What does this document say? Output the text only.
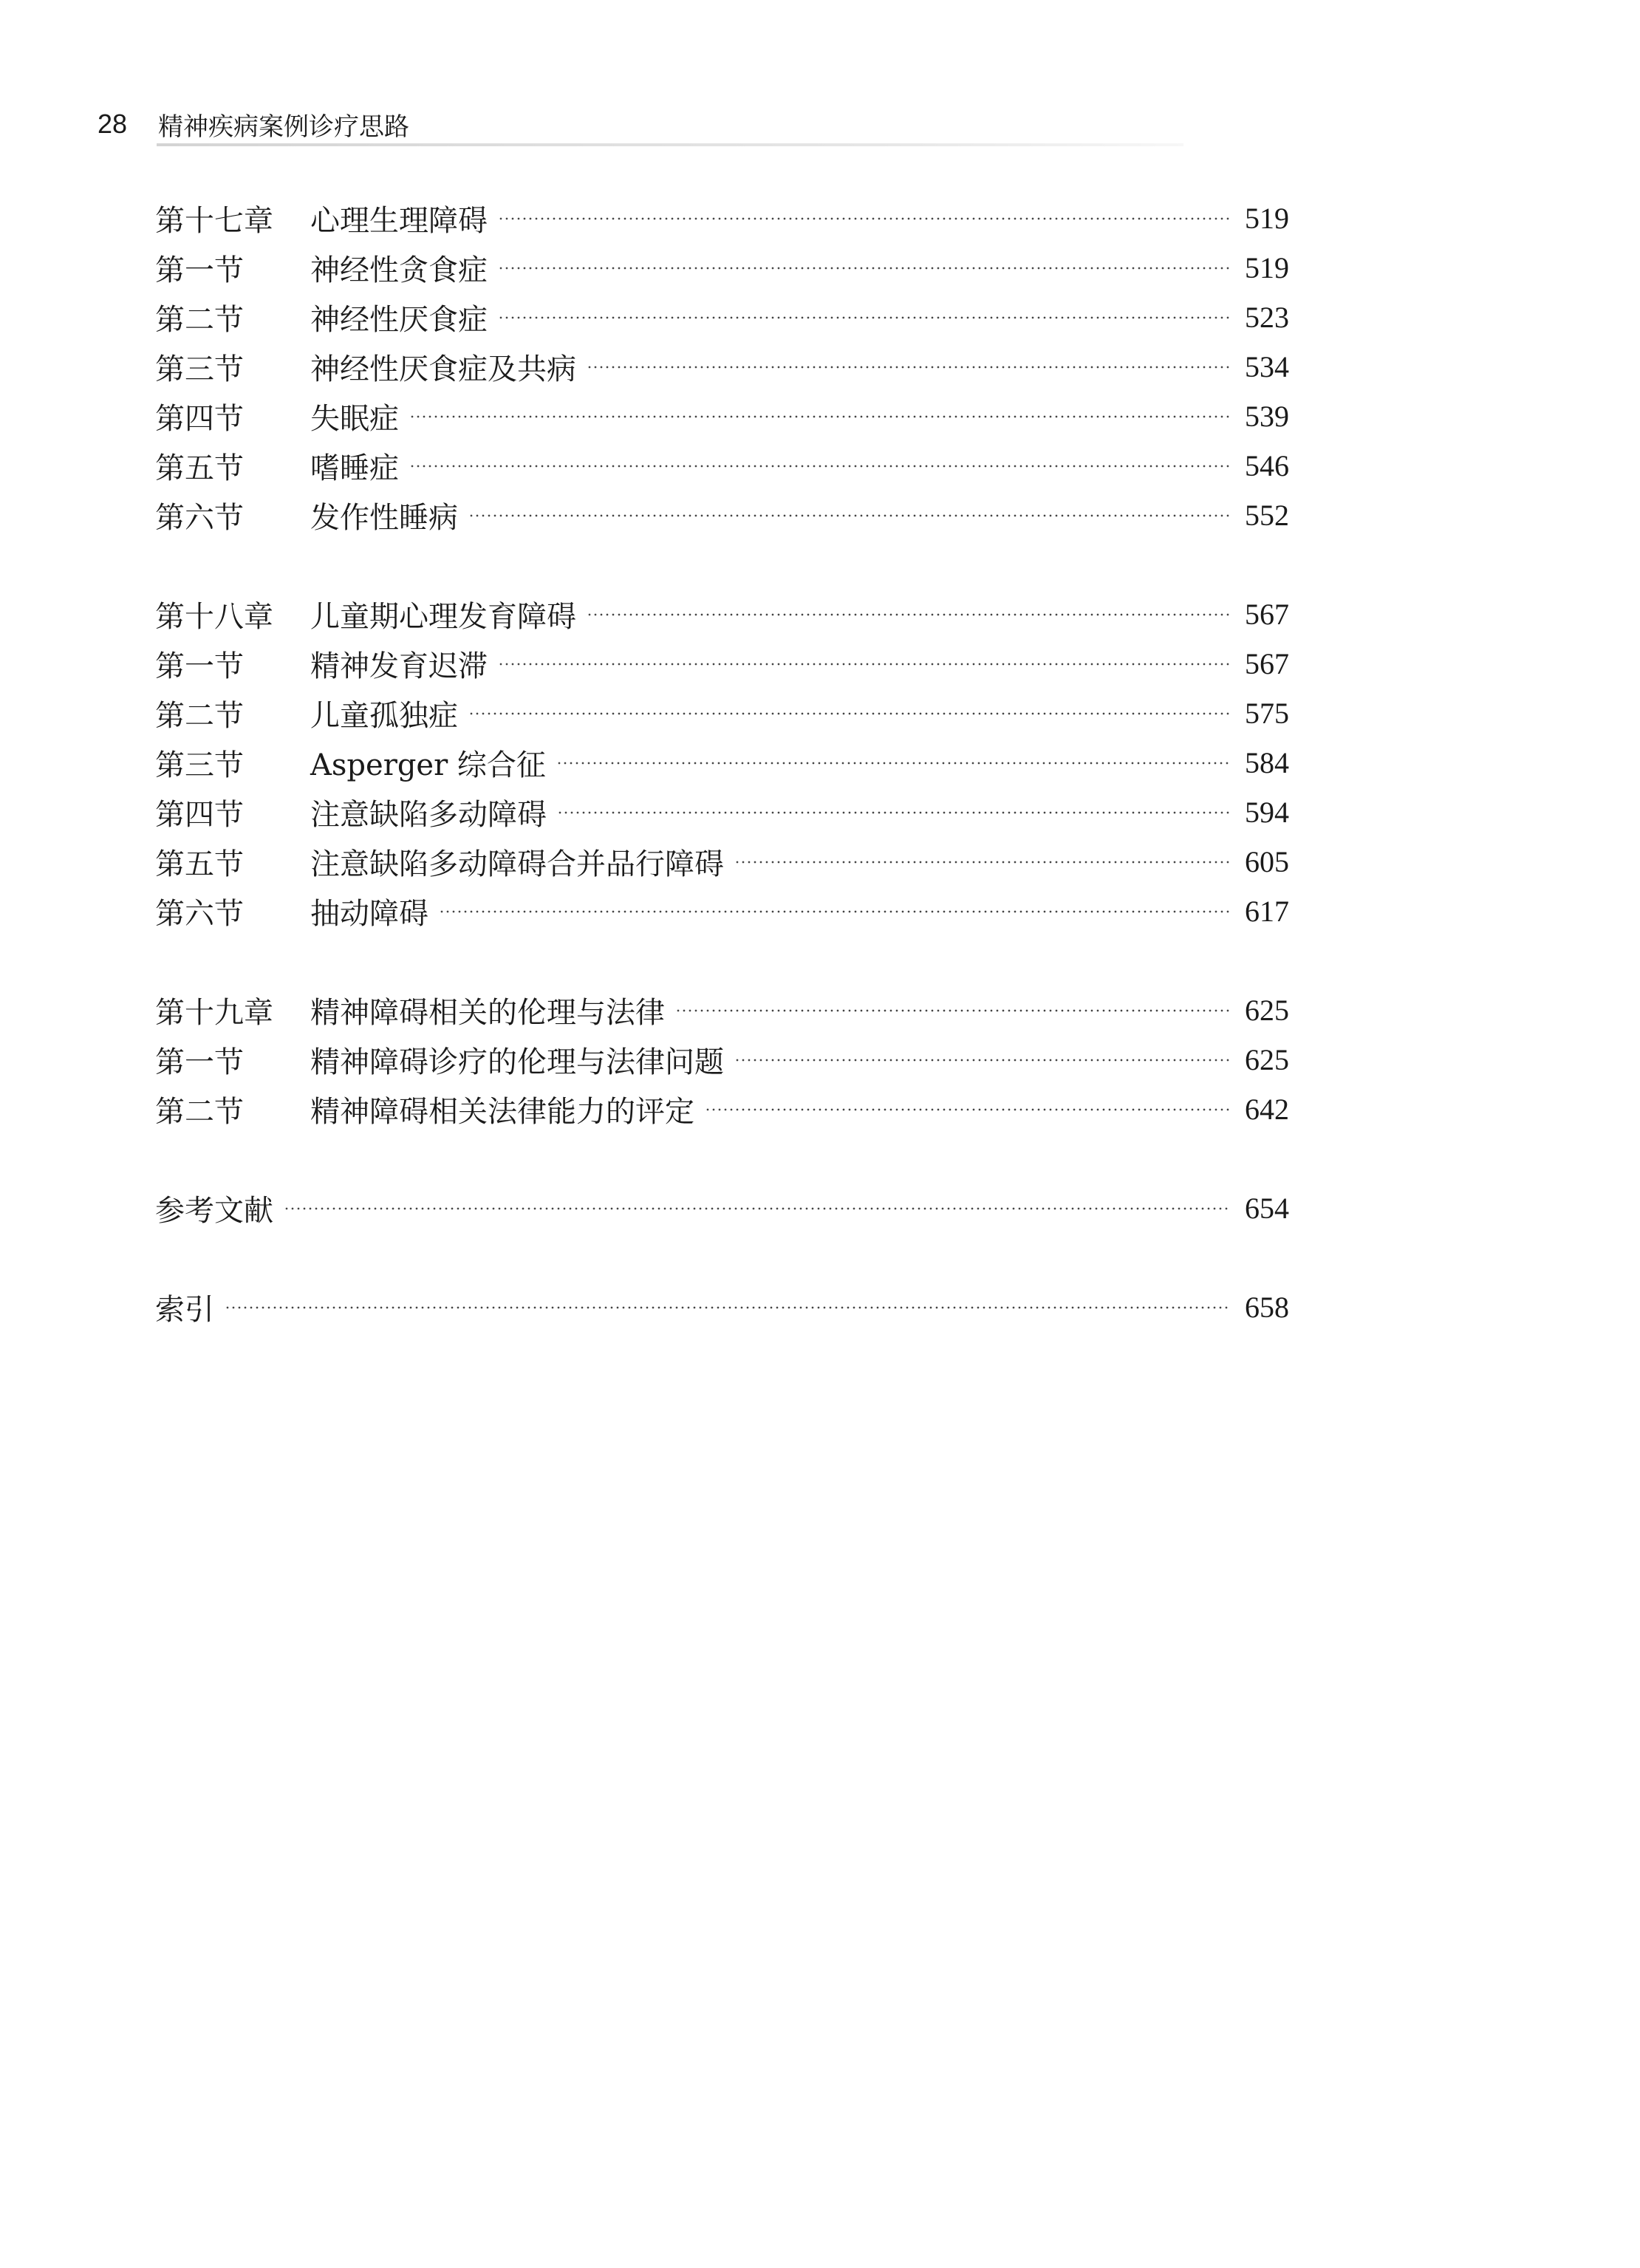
28	精神疾病案例诊疗思路
第十七章	心理生理障碍	519
第一节	神经性贪食症	519
第二节	神经性厌食症	523
第三节	神经性厌食症及共病	534
第四节	失眠症	539
第五节	嗜睡症	546
第六节	发作性睡病	552
第十八章	儿童期心理发育障碍	567
第一节	精神发育迟滞	567
第二节	儿童孤独症	575
第三节	Asperger 综合征	584
第四节	注意缺陷多动障碍	594
第五节	注意缺陷多动障碍合并品行障碍	605
第六节	抽动障碍	617
第十九章	精神障碍相关的伦理与法律	625
第一节	精神障碍诊疗的伦理与法律问题	625
第二节	精神障碍相关法律能力的评定	642
参考文献	654
索引	658
